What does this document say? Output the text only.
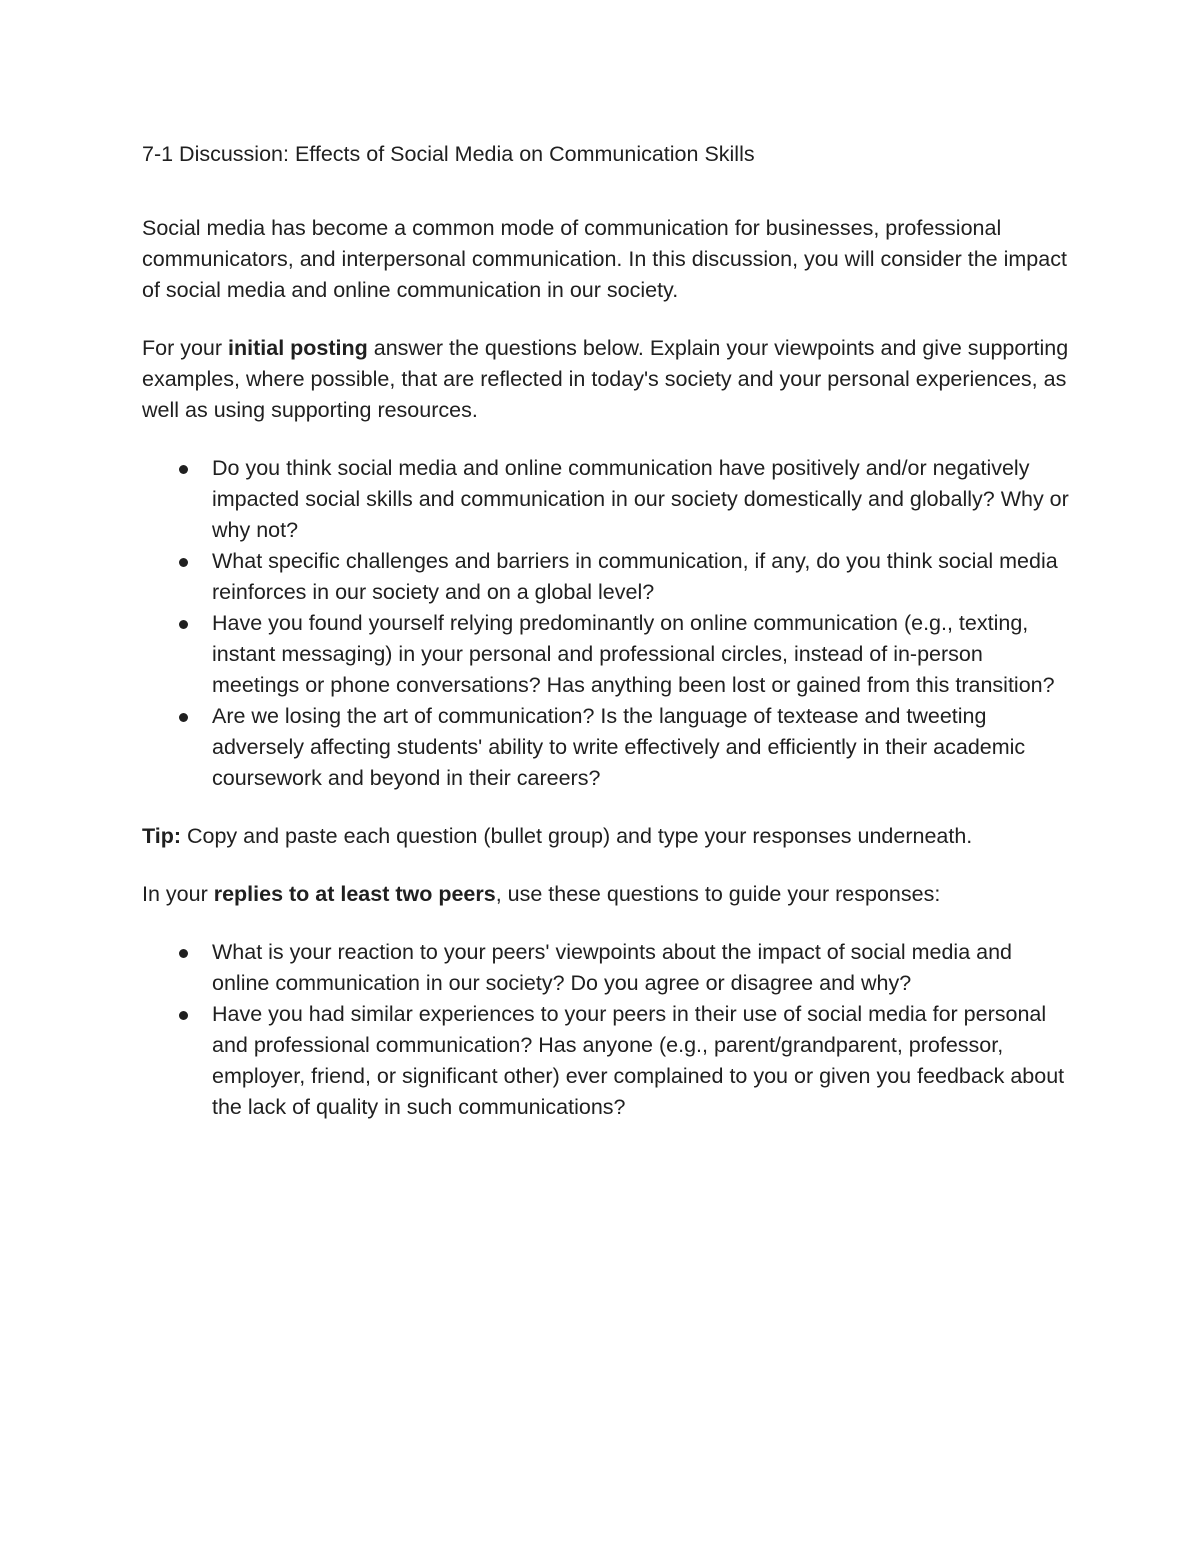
7-1 Discussion: Effects of Social Media on Communication Skills

Social media has become a common mode of communication for businesses, professional communicators, and interpersonal communication. In this discussion, you will consider the impact of social media and online communication in our society.

For your initial posting answer the questions below. Explain your viewpoints and give supporting examples, where possible, that are reflected in today's society and your personal experiences, as well as using supporting resources.

Do you think social media and online communication have positively and/or negatively impacted social skills and communication in our society domestically and globally? Why or why not?
What specific challenges and barriers in communication, if any, do you think social media reinforces in our society and on a global level?
Have you found yourself relying predominantly on online communication (e.g., texting, instant messaging) in your personal and professional circles, instead of in-person meetings or phone conversations? Has anything been lost or gained from this transition?
Are we losing the art of communication? Is the language of textease and tweeting adversely affecting students' ability to write effectively and efficiently in their academic coursework and beyond in their careers?

Tip: Copy and paste each question (bullet group) and type your responses underneath.

In your replies to at least two peers, use these questions to guide your responses:

What is your reaction to your peers' viewpoints about the impact of social media and online communication in our society? Do you agree or disagree and why?
Have you had similar experiences to your peers in their use of social media for personal and professional communication? Has anyone (e.g., parent/grandparent, professor, employer, friend, or significant other) ever complained to you or given you feedback about the lack of quality in such communications?
